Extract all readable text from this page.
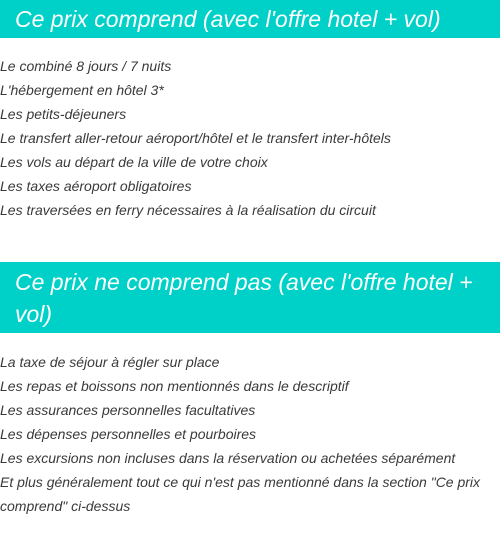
Ce prix comprend (avec l'offre hotel + vol)
Le combiné 8 jours / 7 nuits
L'hébergement en hôtel 3*
Les petits-déjeuners
Le transfert aller-retour aéroport/hôtel et le transfert inter-hôtels
Les vols au départ de la ville de votre choix
Les taxes aéroport obligatoires
Les traversées en ferry nécessaires à la réalisation du circuit
Ce prix ne comprend pas (avec l'offre hotel + vol)
La taxe de séjour à régler sur place
Les repas et boissons non mentionnés dans le descriptif
Les assurances personnelles facultatives
Les dépenses personnelles et pourboires
Les excursions non incluses dans la réservation ou achetées séparément
Et plus généralement tout ce qui n'est pas mentionné dans la section "Ce prix comprend" ci-dessus
